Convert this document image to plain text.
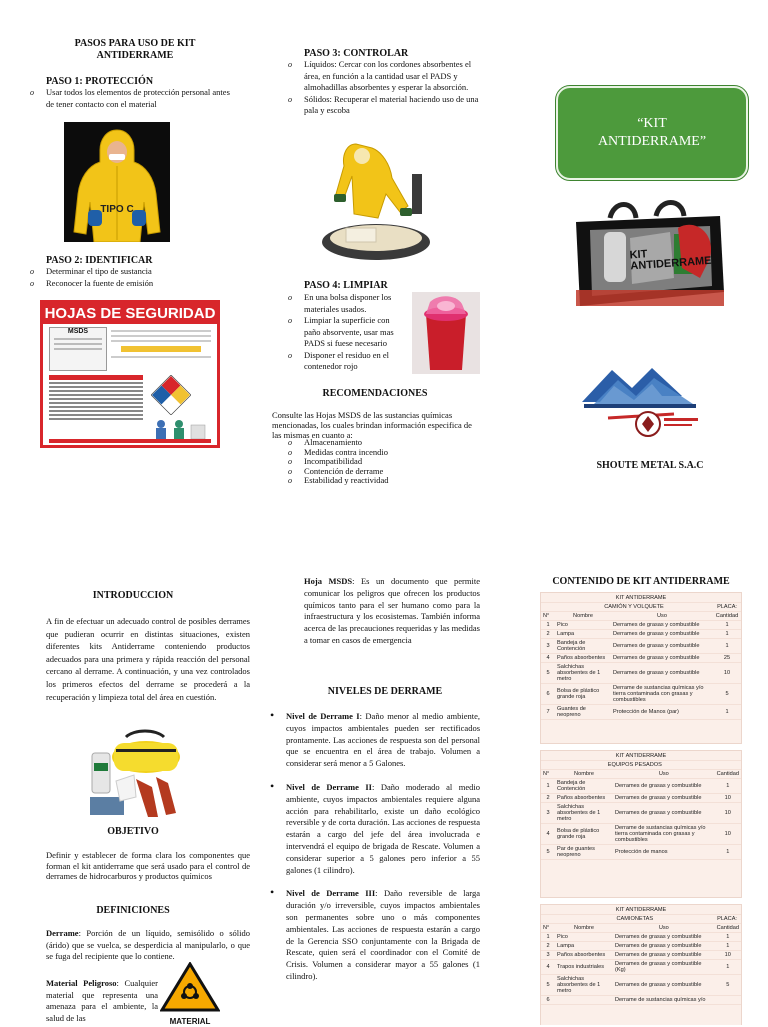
PASOS PARA USO DE KIT ANTIDERRAME
PASO 1: PROTECCIÓN
o Usar todos los elementos de protección personal antes de tener contacto con el material
TIPO C
PASO 2: IDENTIFICAR
o Determinar el tipo de sustancia
o Reconocer la fuente de emisión
HOJAS DE SEGURIDAD
MSDS
PASO 3: CONTROLAR
o Líquidos: Cercar con los cordones absorbentes el área, en función a la cantidad usar el PADS y almohadillas absorbentes y esperar la absorción.
o Sólidos: Recuperar el material haciendo uso de una pala y escoba
PASO 4: LIMPIAR
o En una bolsa disponer los materiales usados.
o Limpiar la superficie con paño absorvente, usar mas PADS si fuese necesario
o Disponer el residuo en el contenedor rojo
RECOMENDACIONES
Consulte las Hojas MSDS de las sustancias químicas mencionadas, los cuales brindan información especifica de las mismas en cuanto a:
o Almacenamiento
o Medidas contra incendio
o Incompatibilidad
o Contención de derrame
o Estabilidad y reactividad
“KIT ANTIDERRAME”
KIT ANTIDERRAME
SHOUTE METAL S.A.C
INTRODUCCION
A fin de efectuar un adecuado control de posibles derrames que pudieran ocurrir en distintas situaciones, existen diferentes kits Antiderrame conteniendo productos adecuados para una primera y rápida reacción del personal cercano al derrame. A continuación, y una vez controlados los primeros efectos del derrame se procederá a la recuperación y limpieza total del área en cuestión.
OBJETIVO
Definir y establecer de forma clara los componentes que forman el kit antiderrame que será usado para el control de derrames de hidrocarburos y productos químicos
DEFINICIONES
Derrame: Porción de un líquido, semisólido o sólido (árido) que se vuelca, se desperdicia al manipularlo, o que se fuga del recipiente que lo contiene.
Material Peligroso: Cualquier material que representa una amenaza para el ambiente, la salud de las	MATERIAL
Hoja MSDS: Es un documento que permite comunicar los peligros que ofrecen los productos químicos tanto para el ser humano como para la infraestructura y los ecosistemas. También informa acerca de las precauciones requeridas y las medidas a tomar en casos de emergencia
NIVELES DE DERRAME
• Nivel de Derrame I: Daño menor al medio ambiente, cuyos impactos ambientales pueden ser rectificados prontamente. Las acciones de respuesta son del personal que se encuentra en el área de trabajo. Volumen a considerar será menor a 5 Galones.
• Nivel de Derrame II: Daño moderado al medio ambiente, cuyos impactos ambientales requiere alguna acción para rehabilitarlo, existe un daño ecológico reversible y de corta duración. Las acciones de respuesta estarán a cargo del jefe del área involucrada e intervendrá el equipo de brigada de Rescate. Volumen a considerar superior a 5 galones pero inferior a 55 galones (1 cilindro).
• Nivel de Derrame III: Daño reversible de larga duración y/o irreversible, cuyos impactos ambientales son permanentes sobre uno o más componentes ambientales. Las acciones de respuesta estarán a cargo de la Gerencia SSO conjuntamente con la Brigada de Rescate, quien será el coordinador con el Comité de Crisis. Volumen a considerar mayor a 55 galones (1 cilindro).
CONTENIDO DE KIT ANTIDERRAME
KIT ANTIDERRAME			
	CAMIÓN Y VOLQUETE		PLACA:
N°	Nombre	Uso	Cantidad
1	Pico	Derrames de grasas y combustible	1
2	Lampa	Derrames de grasas y combustible	1
3	Bandeja de Contención	Derrames de grasas y combustible	1
4	Paños absorbentes	Derrames de grasas y combustible	25
5	Salchichas absorbentes de 1 metro	Derrames de grasas y combustible	10
6	Bolsa de plástico grande roja	Derrame de sustancias químicas y/o tierra contaminada con grasas y combustibles	5
7	Guantes de neopreno	Protección de Manos (par)	1
KIT ANTIDERRAME			
	EQUIPOS PESADOS		
N°	Nombre	Uso	Cantidad
1	Bandeja de Contención	Derrames de grasas y combustible	1
2	Paños absorbentes	Derrames de grasas y combustible	10
3	Salchichas absorbentes de 1 metro	Derrames de grasas y combustible	10
4	Bolsa de plástico grande roja	Derrame de sustancias químicas y/o tierra contaminada con grasas y combustibles	10
5	Par de guantes neopreno	Protección de manos	1
KIT ANTIDERRAME			
	CAMIONETAS		PLACA:
N°	Nombre	Uso	Cantidad
1	Pico	Derrames de grasas y combustible	1
2	Lampa	Derrames de grasas y combustible	1
3	Paños absorbentes	Derrames de grasas y combustible	10
4	Trapos industriales	Derrames de grasas y combustible (Kg)	1
5	Salchichas absorbentes de 1 metro	Derrames de grasas y combustible	5
6		Derrame de sustancias químicas y/o	
